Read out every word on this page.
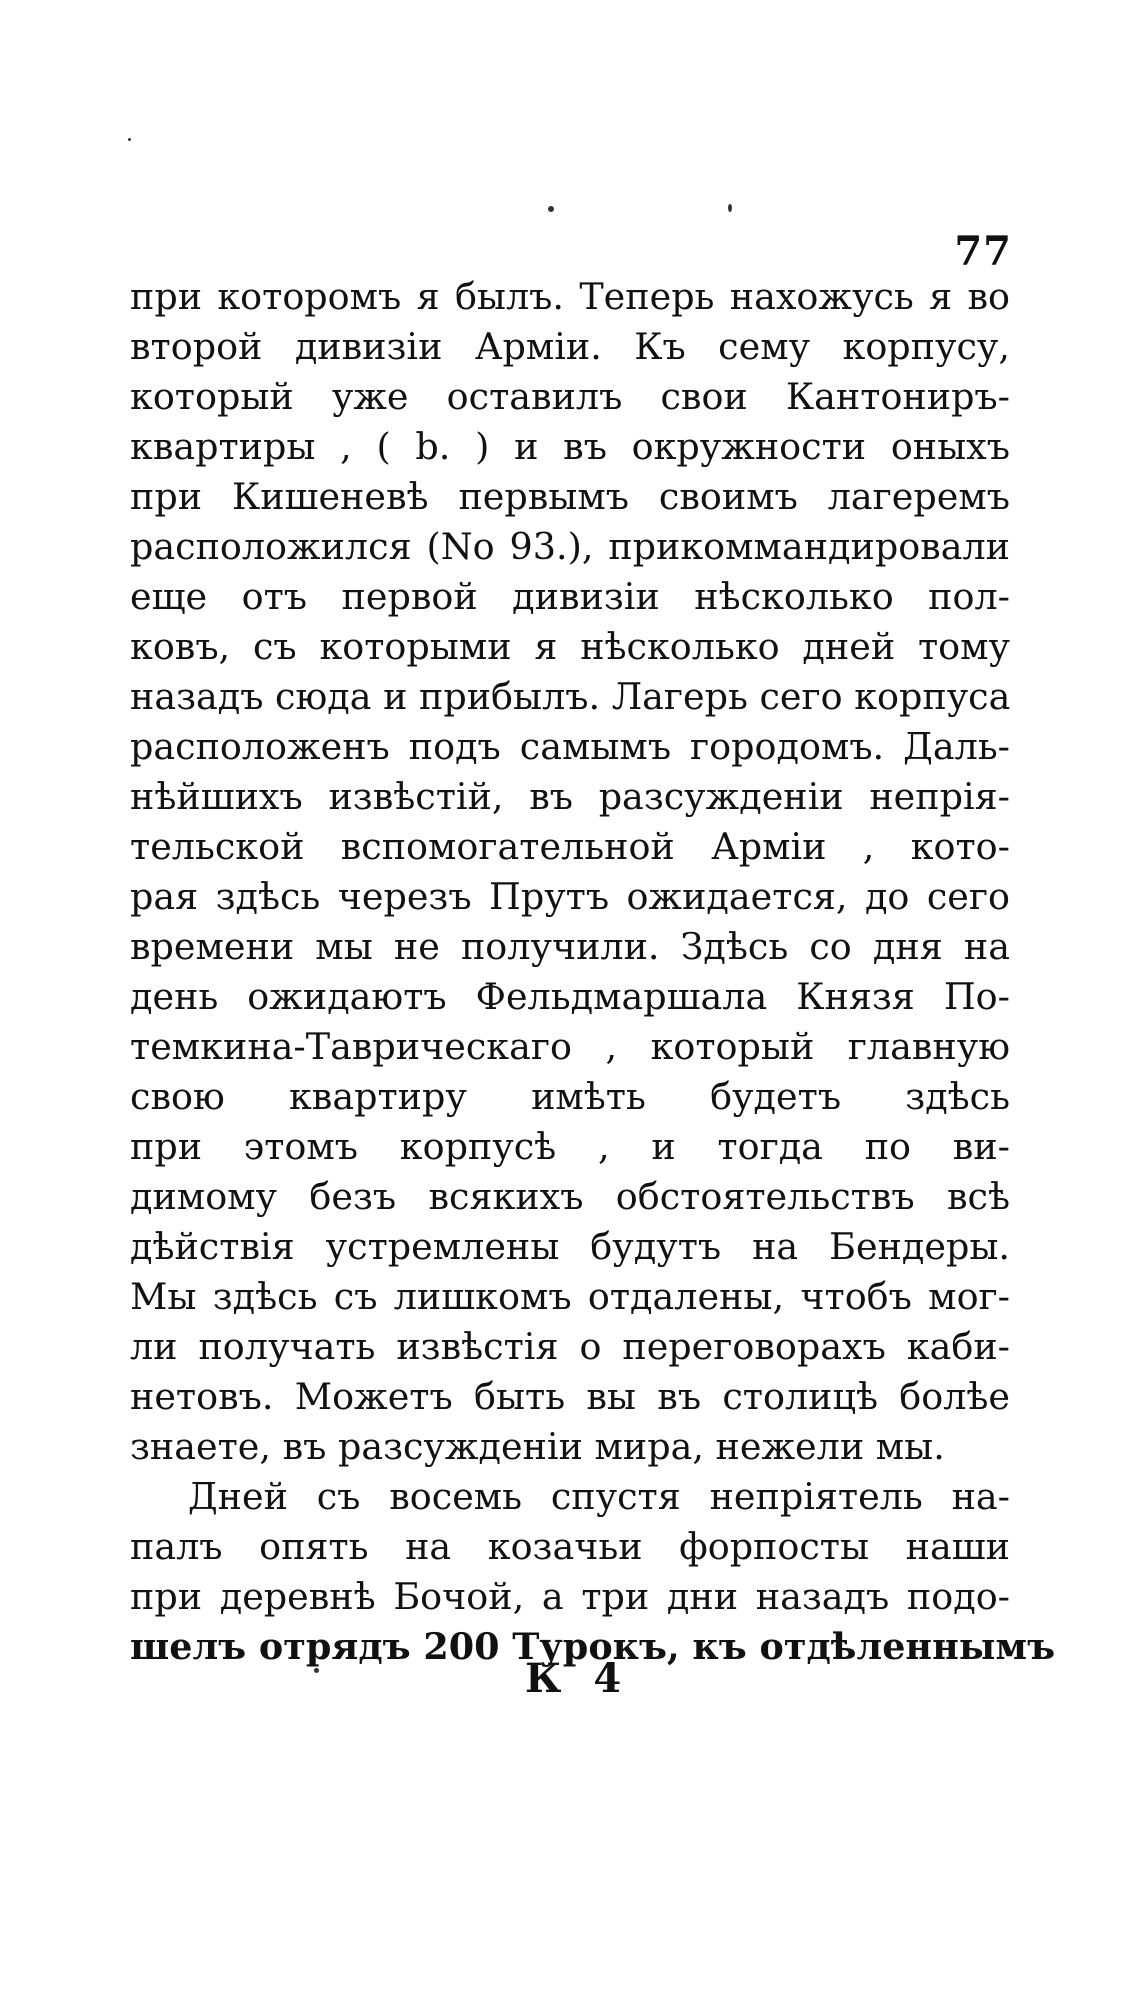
77
при которомъ я былъ. Теперь нахожусь я во
второй дивизiи Армiи. Къ сему корпусу,
который уже оставилъ свои Кантониръ-
квартиры , ( b. ) и въ окружности оныхъ
при Кишеневѣ первымъ своимъ лагеремъ
расположился (No 93.), прикоммандировали
еще отъ первой дивизiи нѣсколько пол-
ковъ, съ которыми я нѣсколько дней тому
назадъ сюда и прибылъ. Лагерь сего корпуса
расположенъ подъ самымъ городомъ. Даль-
нѣйшихъ извѣстiй, въ разсужденiи непрiя-
тельской вспомогательной Армiи , кото-
рая здѣсь черезъ Прутъ ожидается, до сего
времени мы не получили. Здѣсь со дня на
день ожидаютъ Фельдмаршала Князя По-
темкина-Таврическаго , который главную
свою квартиру имѣть будетъ здѣсь
при этомъ корпусѣ , и тогда по ви-
димому безъ всякихъ обстоятельствъ всѣ
дѣйствiя устремлены будутъ на Бендеры.
Мы здѣсь съ лишкомъ отдалены, чтобъ мог-
ли получать извѣстiя о переговорахъ каби-
нетовъ. Можетъ быть вы въ столицѣ болѣе
знаете, въ разсужденiи мира, нежели мы.
Дней съ восемь спустя непрiятель на-
палъ опять на козачьи форпосты наши
при деревнѣ Бочой, а три дни назадъ подо-
шелъ отрядъ 200 Турокъ, къ отдѣленнымъ
К 4
